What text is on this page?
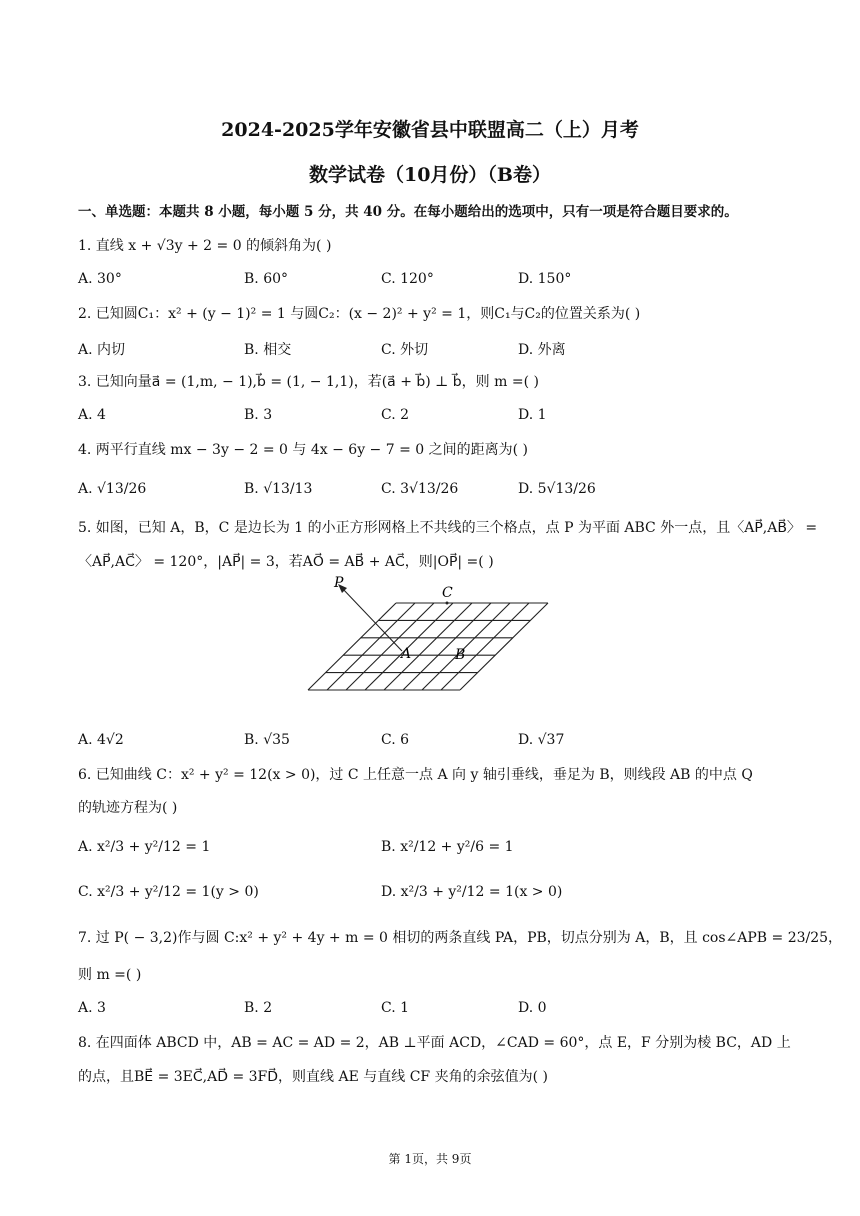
2024-2025学年安徽省县中联盟高二（上）月考
数学试卷（10月份）（B卷）
一、单选题：本题共 8 小题，每小题 5 分，共 40 分。在每小题给出的选项中，只有一项是符合题目要求的。
1. 直线 x + √3y + 2 = 0 的倾斜角为( )
A. 30°	B. 60°	C. 120°	D. 150°
2. 已知圆C₁：x² + (y − 1)² = 1 与圆C₂：(x − 2)² + y² = 1，则C₁与C₂的位置关系为( )
A. 内切	B. 相交	C. 外切	D. 外离
3. 已知向量a⃗ = (1,m, − 1),b⃗ = (1, − 1,1)，若(a⃗ + b⃗) ⊥ b⃗，则 m =( )
A. 4	B. 3	C. 2	D. 1
4. 两平行直线 mx − 3y − 2 = 0 与 4x − 6y − 7 = 0 之间的距离为( )
A. √13/26	B. √13/13	C. 3√13/26	D. 5√13/26
5. 如图，已知 A，B，C 是边长为 1 的小正方形网格上不共线的三个格点，点 P 为平面 ABC 外一点，且〈AP⃗,AB⃗〉 =
〈AP⃗,AC⃗〉 = 120°，|AP⃗| = 3，若AO⃗ = AB⃗ + AC⃗，则|OP⃗| =( )
P
C
A	B
A. 4√2	B. √35	C. 6	D. √37
6. 已知曲线 C：x² + y² = 12(x > 0)，过 C 上任意一点 A 向 y 轴引垂线，垂足为 B，则线段 AB 的中点 Q
的轨迹方程为( )
A. x²/3 + y²/12 = 1	B. x²/12 + y²/6 = 1
C. x²/3 + y²/12 = 1(y > 0)	D. x²/3 + y²/12 = 1(x > 0)
7. 过 P( − 3,2)作与圆 C:x² + y² + 4y + m = 0 相切的两条直线 PA，PB，切点分别为 A，B，且 cos∠APB = 23/25，
则 m =( )
A. 3	B. 2	C. 1	D. 0
8. 在四面体 ABCD 中，AB = AC = AD = 2，AB ⊥平面 ACD，∠CAD = 60°，点 E，F 分别为棱 BC，AD 上
的点，且BE⃗ = 3EC⃗,AD⃗ = 3FD⃗，则直线 AE 与直线 CF 夹角的余弦值为( )
第 1页，共 9页
